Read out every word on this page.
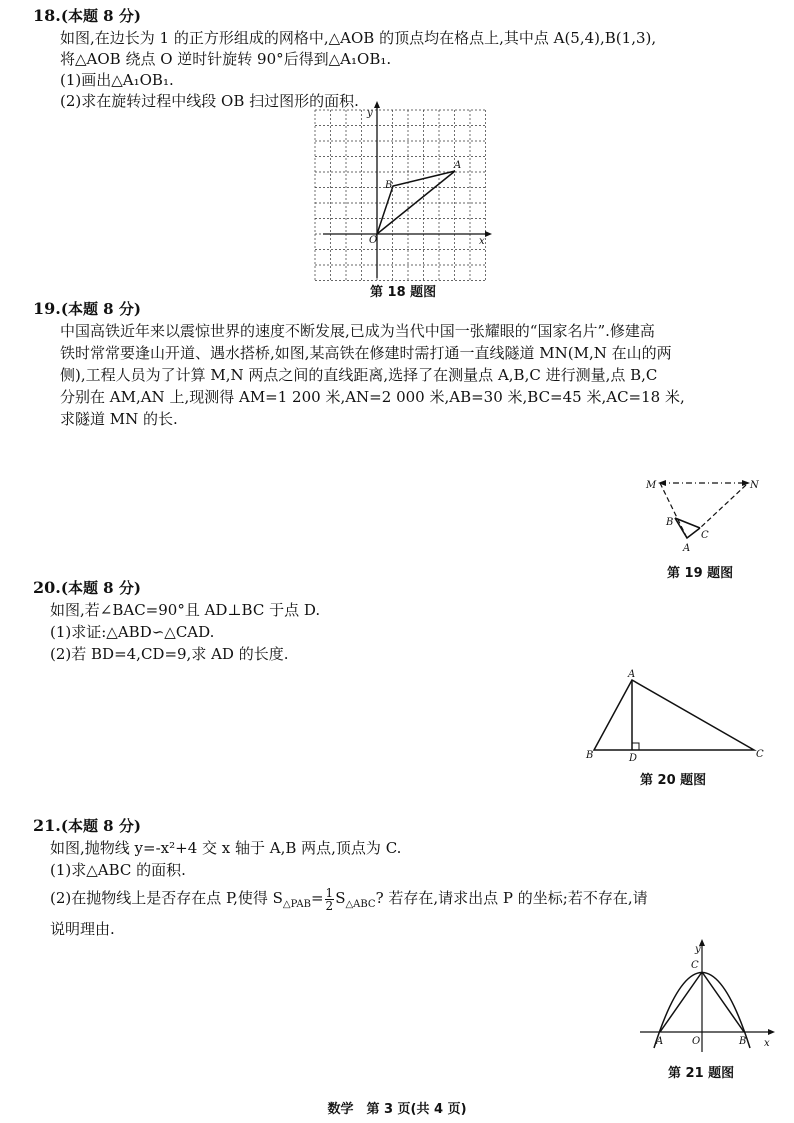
18.(本题 8 分)
如图,在边长为 1 的正方形组成的网格中,△AOB 的顶点均在格点上,其中点 A(5,4),B(1,3),
将△AOB 绕点 O 逆时针旋转 90°后得到△A₁OB₁.
(1)画出△A₁OB₁.
(2)求在旋转过程中线段 OB 扫过图形的面积.
y
x
O
A
B
第 18 题图
19.(本题 8 分)
中国高铁近年来以震惊世界的速度不断发展,已成为当代中国一张耀眼的“国家名片”.修建高
铁时常常要逢山开道、遇水搭桥,如图,某高铁在修建时需打通一直线隧道 MN(M,N 在山的两
侧),工程人员为了计算 M,N 两点之间的直线距离,选择了在测量点 A,B,C 进行测量,点 B,C
分别在 AM,AN 上,现测得 AM=1 200 米,AN=2 000 米,AB=30 米,BC=45 米,AC=18 米,
求隧道 MN 的长.
M	N
B
C
A
第 19 题图
20.(本题 8 分)
如图,若∠BAC=90°且 AD⊥BC 于点 D.
(1)求证:△ABD∽△CAD.
(2)若 BD=4,CD=9,求 AD 的长度.
A
B	C
D
第 20 题图
21.(本题 8 分)
如图,抛物线 y=-x²+4 交 x 轴于 A,B 两点,顶点为 C.
(1)求△ABC 的面积.
(2)在抛物线上是否存在点 P,使得 $S_{\triangle PAB}= \frac{1}{2} S_{\triangle ABC}$? 若存在,请求出点 P 的坐标;若不存在,请
说明理由.
y
x
C
A	O	B
第 21 题图
数学　第 3 页(共 4 页)
